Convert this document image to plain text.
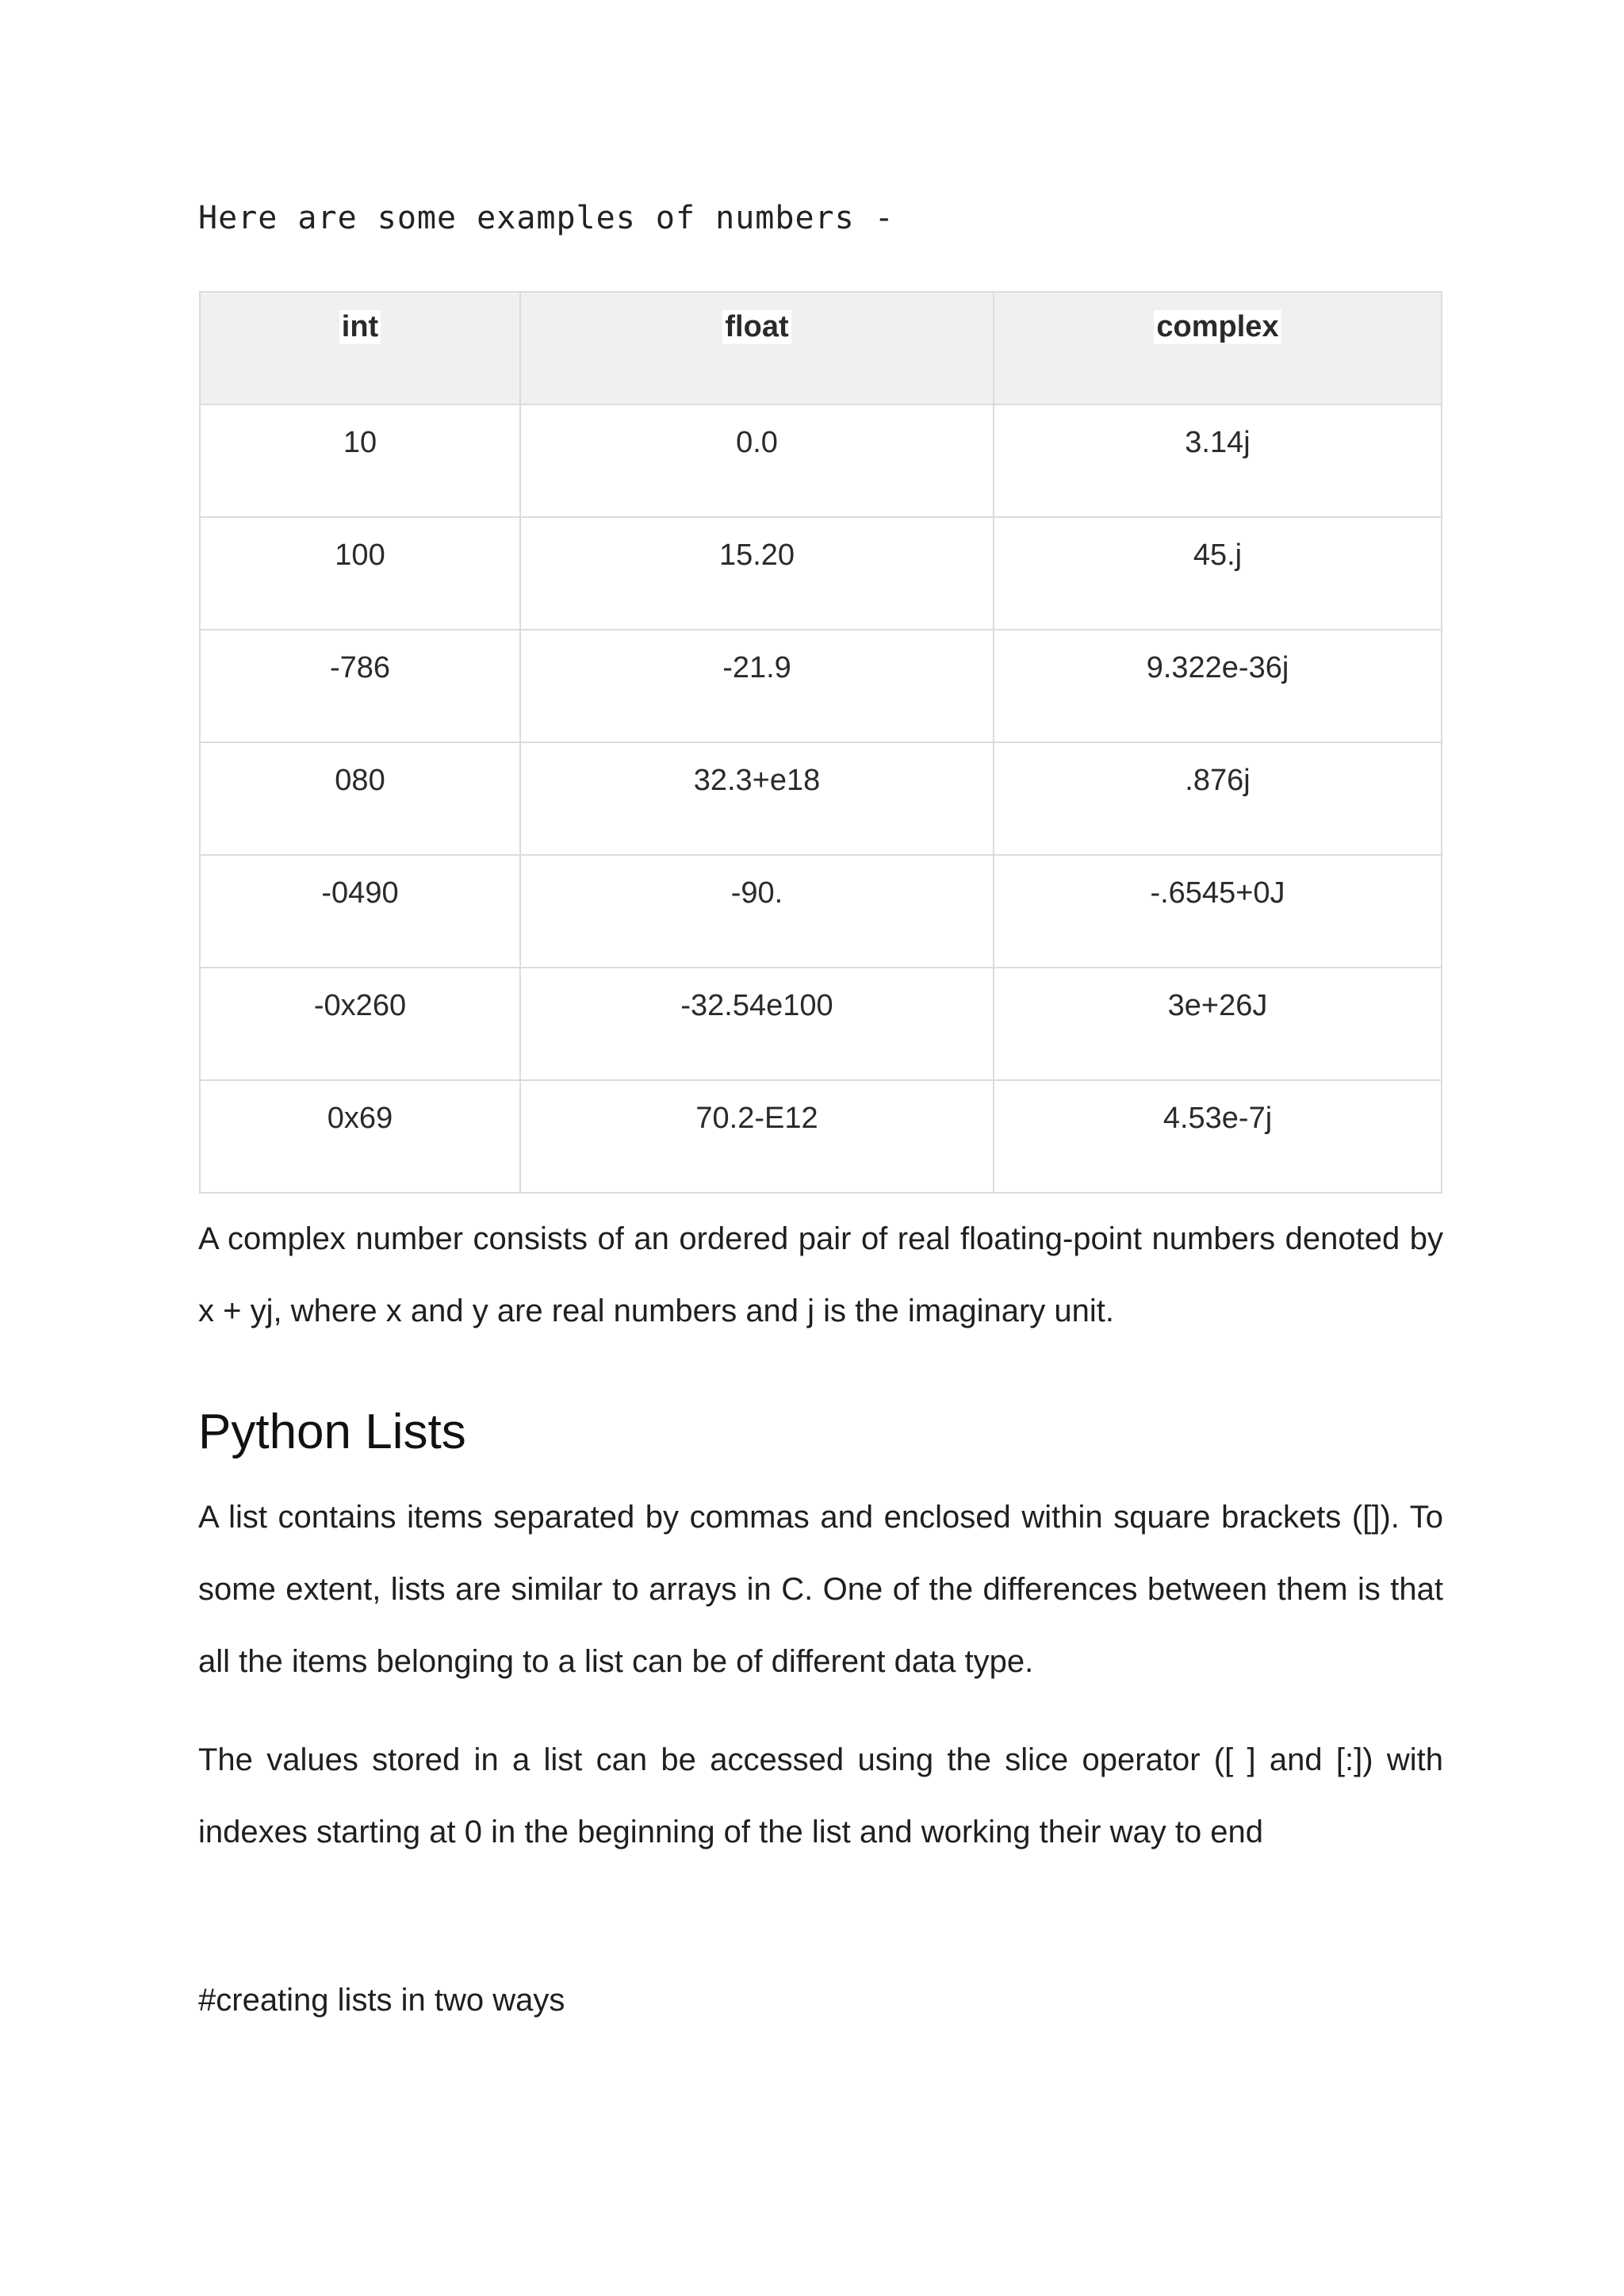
Here are some examples of numbers -
int	float	complex
10	0.0	3.14j
100	15.20	45.j
-786	-21.9	9.322e-36j
080	32.3+e18	.876j
-0490	-90.	-.6545+0J
-0x260	-32.54e100	3e+26J
0x69	70.2-E12	4.53e-7j

A complex number consists of an ordered pair of real floating-point numbers denoted by x + yj, where x and y are real numbers and j is the imaginary unit.

Python Lists

A list contains items separated by commas and enclosed within square brackets ([]). To some extent, lists are similar to arrays in C. One of the differences between them is that all the items belonging to a list can be of different data type.

The values stored in a list can be accessed using the slice operator ([ ] and [:]) with indexes starting at 0 in the beginning of the list and working their way to end

#creating lists in two ways
